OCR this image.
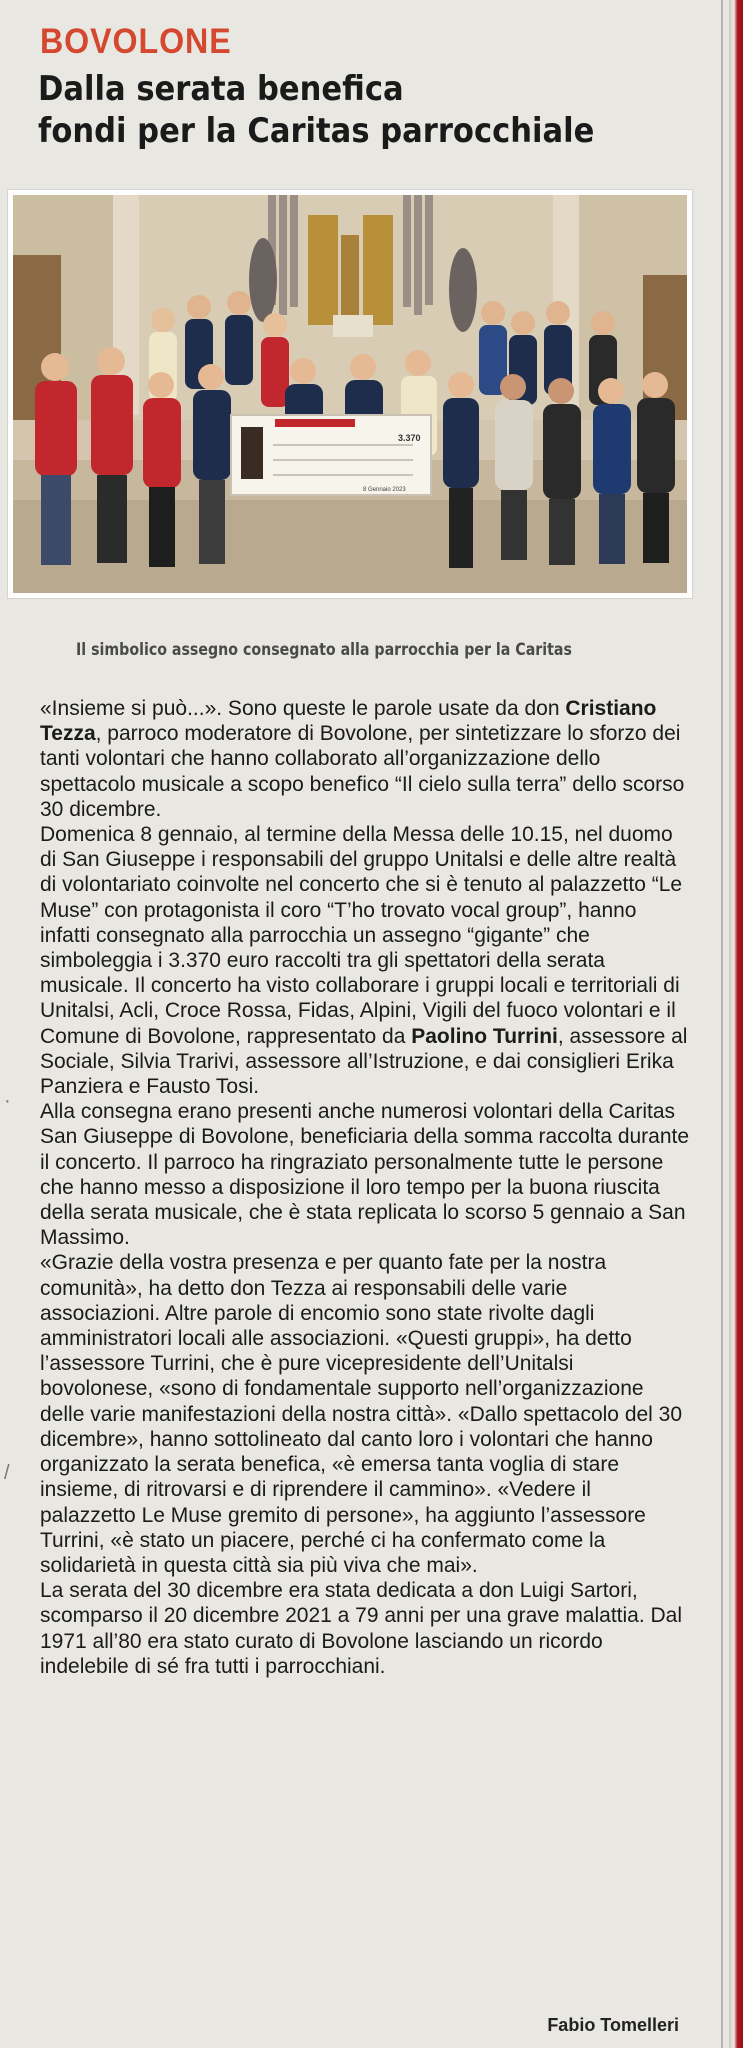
BOVOLONE
Dalla serata benefica
fondi per la Caritas parrocchiale
3.370
8 Gennaio 2023
Il simbolico assegno consegnato alla parrocchia per la Caritas

«Insieme si può...». Sono queste le parole usate da don Cristiano Tezza, parroco moderatore di Bovolone, per sintetizzare lo sforzo dei tanti volontari che hanno collaborato all’organizzazione dello spettacolo musicale a scopo benefico “Il cielo sulla terra” dello scorso 30 dicembre.

Domenica 8 gennaio, al termine della Messa delle 10.15, nel duomo di San Giuseppe i responsabili del gruppo Unitalsi e delle altre realtà di volontariato coinvolte nel concerto che si è tenuto al palazzetto “Le Muse” con protagonista il coro “T’ho trovato vocal group”, hanno infatti consegnato alla parrocchia un assegno “gigante” che simboleggia i 3.370 euro raccolti tra gli spettatori della serata musicale. Il concerto ha visto collaborare i gruppi locali e territoriali di Unitalsi, Acli, Croce Rossa, Fidas, Alpini, Vigili del fuoco volontari e il Comune di Bovolone, rappresentato da Paolino Turrini, assessore al Sociale, Silvia Trarivi, assessore all’Istruzione, e dai consiglieri Erika Panziera e Fausto Tosi.

Alla consegna erano presenti anche numerosi volontari della Caritas San Giuseppe di Bovolone, beneficiaria della somma raccolta durante il concerto. Il parroco ha ringraziato personalmente tutte le persone che hanno messo a disposizione il loro tempo per la buona riuscita della serata musicale, che è stata replicata lo scorso 5 gennaio a San Massimo.

«Grazie della vostra presenza e per quanto fate per la nostra comunità», ha detto don Tezza ai responsabili delle varie associazioni. Altre parole di encomio sono state rivolte dagli amministratori locali alle associazioni. «Questi gruppi», ha detto l’assessore Turrini, che è pure vicepresidente dell’Unitalsi bovolonese, «sono di fondamentale supporto nell’organizzazione delle varie manifestazioni della nostra città». «Dallo spettacolo del 30 dicembre», hanno sottolineato dal canto loro i volontari che hanno organizzato la serata benefica, «è emersa tanta voglia di stare insieme, di ritrovarsi e di riprendere il cammino». «Vedere il palazzetto Le Muse gremito di persone», ha aggiunto l’assessore Turrini, «è stato un piacere, perché ci ha confermato come la solidarietà in questa città sia più viva che mai».

La serata del 30 dicembre era stata dedicata a don Luigi Sartori, scomparso il 20 dicembre 2021 a 79 anni per una grave malattia. Dal 1971 all’80 era stato curato di Bovolone lasciando un ricordo indelebile di sé fra tutti i parrocchiani.

·
/
Fabio Tomelleri
